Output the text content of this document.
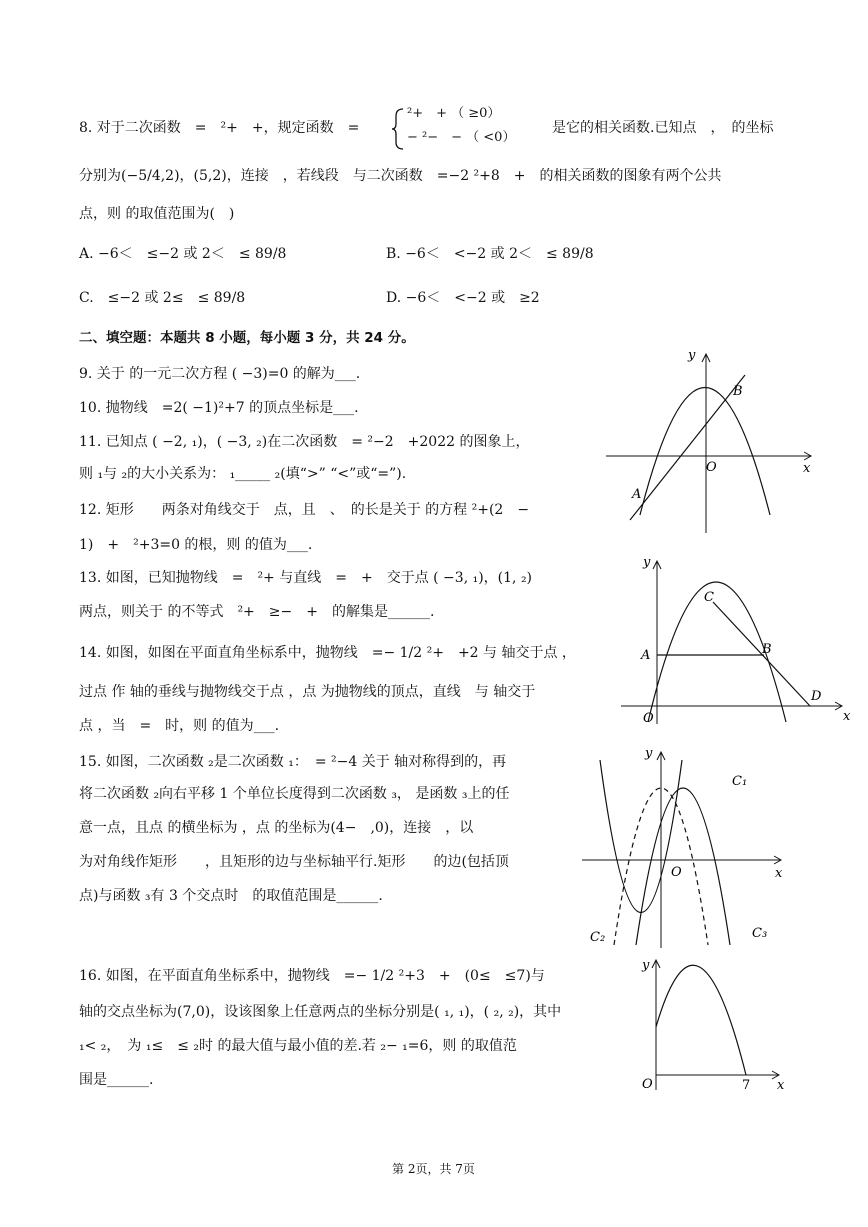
8. 对于二次函数　=　²+　+，规定函数　=
²+　+ （ ≥0）
− ²−　− （ <0）
是它的相关函数.已知点　，　的坐标
分别为(−5/4,2)，(5,2)，连接　，若线段　与二次函数　=−2 ²+8　+　的相关函数的图象有两个公共
点，则 的取值范围为(　)
A. −6＜　≤−2 或 2＜　≤ 89/8	B. −6＜　<−2 或 2＜　≤ 89/8
C.　≤−2 或 2≤　≤ 89/8	D. −6＜　<−2 或　≥2
二、填空题：本题共 8 小题，每小题 3 分，共 24 分。
9. 关于 的一元二次方程 ( −3)=0 的解为___.
10. 抛物线　=2( −1)²+7 的顶点坐标是___.
11. 已知点 ( −2, ₁)，( −3, ₂)在二次函数　= ²−2　+2022 的图象上，
则 ₁与 ₂的大小关系为： ₁_____ ₂(填“>” “<”或“=”).
12. 矩形　　两条对角线交于　点，且　、　的长是关于 的方程 ²+(2　−
1)　+　²+3=0 的根，则 的值为___.
13. 如图，已知抛物线　=　²+ 与直线　=　+　交于点 ( −3, ₁)，(1, ₂)
两点，则关于 的不等式　²+　≥−　+　的解集是______.
14. 如图，如图在平面直角坐标系中，抛物线　=− 1/2 ²+　+2 与 轴交于点 ，
过点 作 轴的垂线与抛物线交于点 ，点 为抛物线的顶点，直线　与 轴交于
点 ，当　=　时，则 的值为___.
15. 如图，二次函数 ₂是二次函数 ₁：　= ²−4 关于 轴对称得到的，再
将二次函数 ₂向右平移 1 个单位长度得到二次函数 ₃， 是函数 ₃上的任
意一点，且点 的横坐标为 ，点 的坐标为(4−　,0)，连接　，以
为对角线作矩形　　，且矩形的边与坐标轴平行.矩形　　的边(包括顶
点)与函数 ₃有 3 个交点时　的取值范围是______.
16. 如图，在平面直角坐标系中，抛物线　=− 1/2 ²+3　+　(0≤　≤7)与
轴的交点坐标为(7,0)，设该图象上任意两点的坐标分别是( ₁, ₁)，( ₂, ₂)，其中
₁< ₂，　为 ₁≤　≤ ₂时 的最大值与最小值的差.若 ₂− ₁=6，则 的取值范
围是______.
y
x
O
A
B
y
x
O
A	B
C
D
y
x
O
C₁
C₂	C₃
y
x
O	7
第 2页，共 7页
